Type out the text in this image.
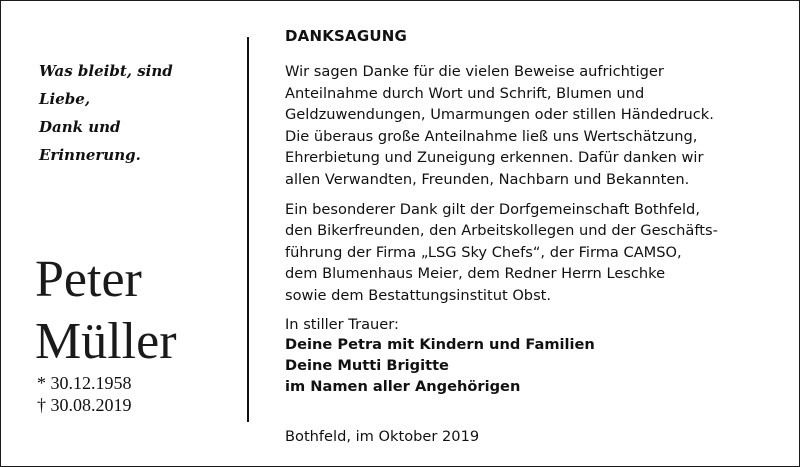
Was bleibt, sind
Liebe,
Dank und
Erinnerung.
Peter
Müller
* 30.12.1958
† 30.08.2019
DANKSAGUNG
Wir sagen Danke für die vielen Beweise aufrichtiger
Anteilnahme durch Wort und Schrift, Blumen und
Geldzuwendungen, Umarmungen oder stillen Händedruck.
Die überaus große Anteilnahme ließ uns Wertschätzung,
Ehrerbietung und Zuneigung erkennen. Dafür danken wir
allen Verwandten, Freunden, Nachbarn und Bekannten.
Ein besonderer Dank gilt der Dorfgemeinschaft Bothfeld,
den Bikerfreunden, den Arbeitskollegen und der Geschäfts-
führung der Firma „LSG Sky Chefs“, der Firma CAMSO,
dem Blumenhaus Meier, dem Redner Herrn Leschke
sowie dem Bestattungsinstitut Obst.
In stiller Trauer:
Deine Petra mit Kindern und Familien
Deine Mutti Brigitte
im Namen aller Angehörigen
Bothfeld, im Oktober 2019
